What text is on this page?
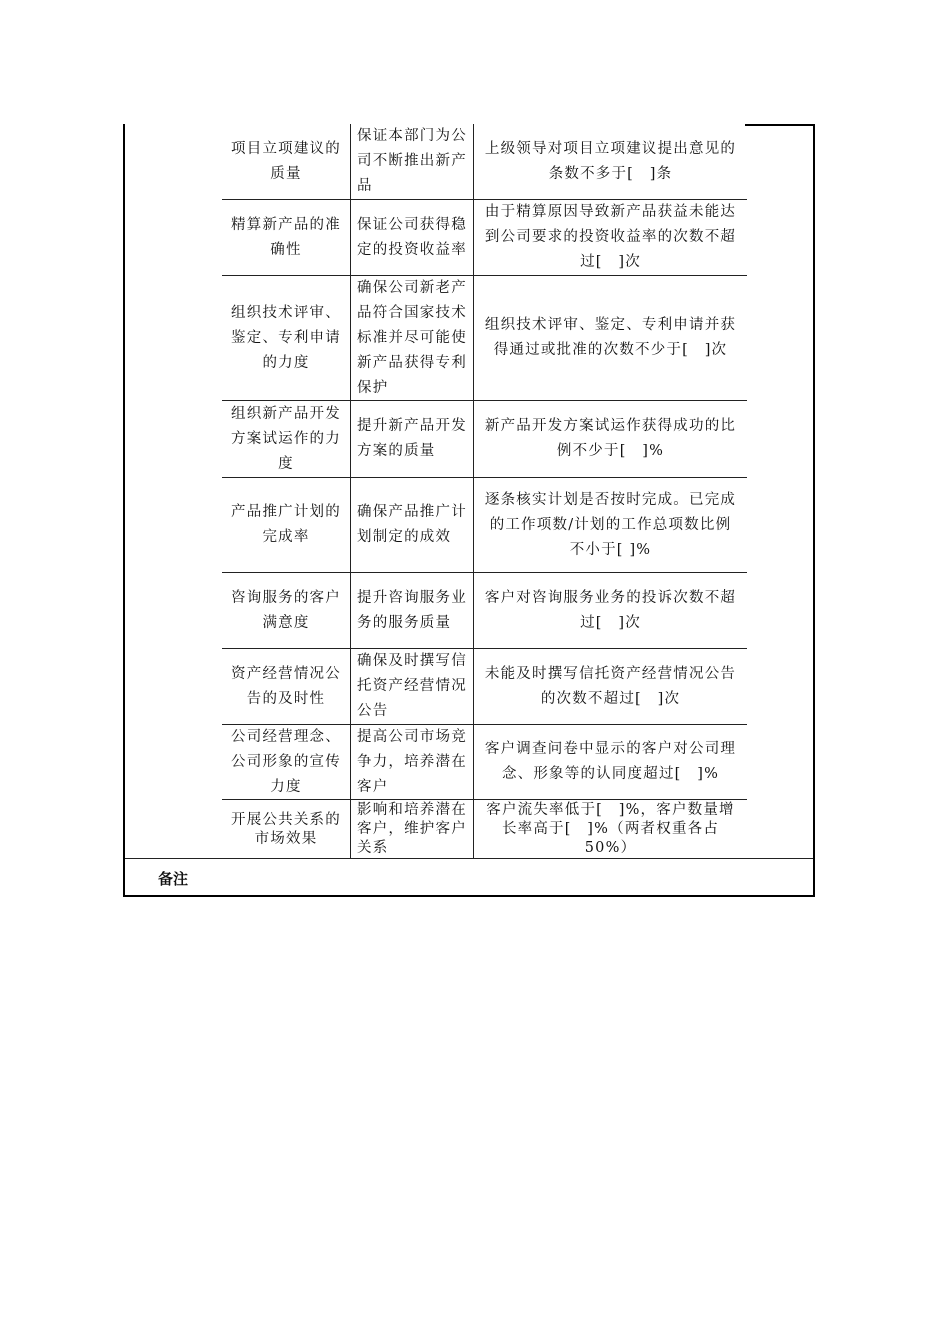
项目立项建议的质量
保证本部门为公司不断推出新产品
上级领导对项目立项建议提出意见的条数不多于[　]条
精算新产品的准确性
保证公司获得稳定的投资收益率
由于精算原因导致新产品获益未能达到公司要求的投资收益率的次数不超过[　]次
组织技术评审、鉴定、专利申请的力度
确保公司新老产品符合国家技术标准并尽可能使新产品获得专利保护
组织技术评审、鉴定、专利申请并获得通过或批准的次数不少于[　]次
组织新产品开发方案试运作的力度
提升新产品开发方案的质量
新产品开发方案试运作获得成功的比例不少于[　]%
产品推广计划的完成率
确保产品推广计划制定的成效
逐条核实计划是否按时完成。已完成的工作项数/计划的工作总项数比例不小于[ ]%
咨询服务的客户满意度
提升咨询服务业务的服务质量
客户对咨询服务业务的投诉次数不超过[　]次
资产经营情况公告的及时性
确保及时撰写信托资产经营情况公告
未能及时撰写信托资产经营情况公告的次数不超过[　]次
公司经营理念、公司形象的宣传力度
提高公司市场竞争力，培养潜在客户
客户调查问卷中显示的客户对公司理念、形象等的认同度超过[　]%
开展公共关系的市场效果
影响和培养潜在客户，维护客户关系
客户流失率低于[　]%，客户数量增长率高于[　]%（两者权重各占50%）
备注
